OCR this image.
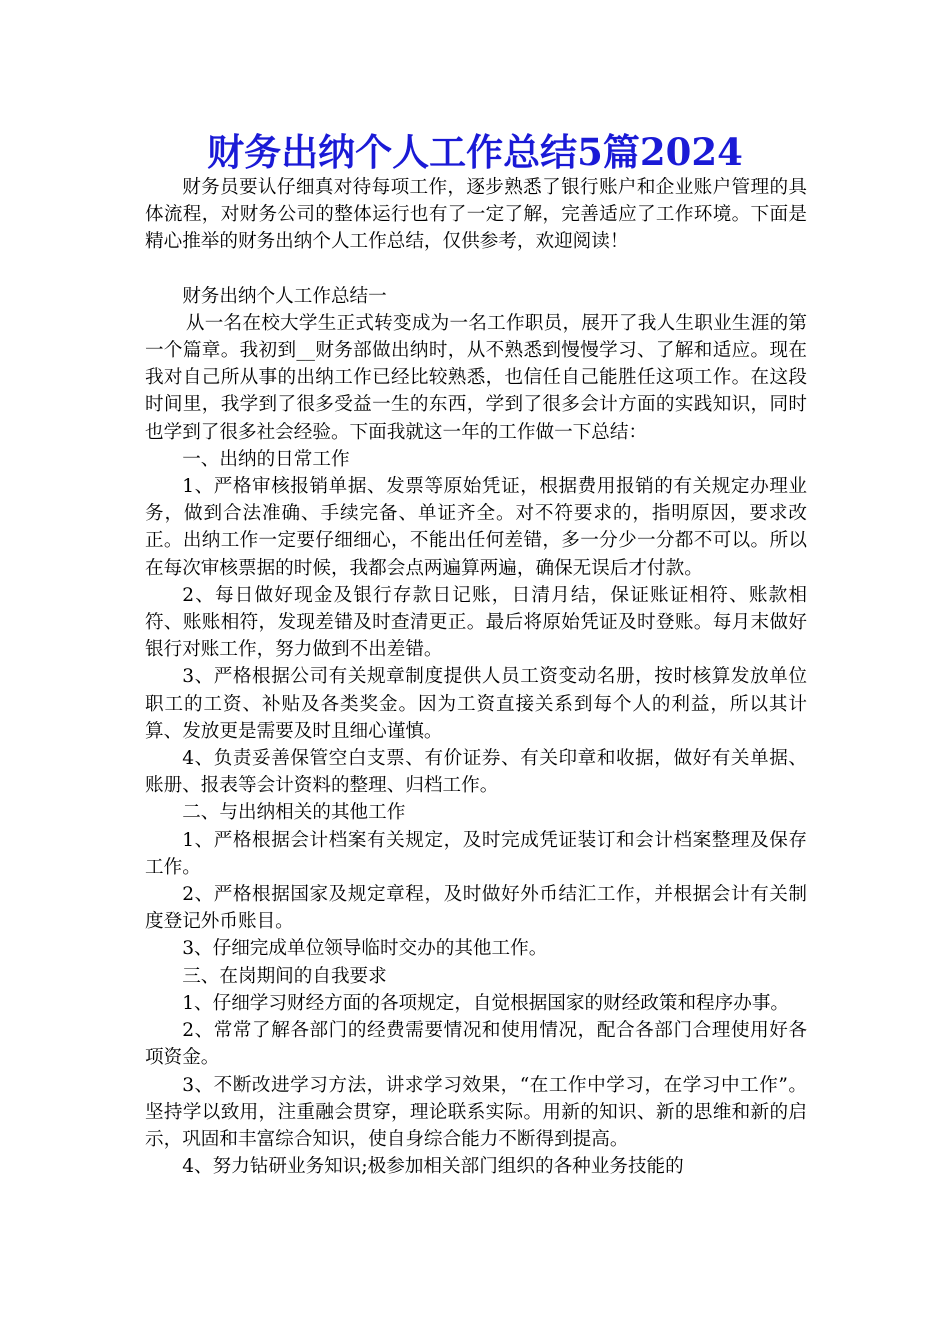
财务出纳个人工作总结5篇2024

财务员要认仔细真对待每项工作，逐步熟悉了银行账户和企业账户管理的具体流程，对财务公司的整体运行也有了一定了解，完善适应了工作环境。下面是精心推举的财务出纳个人工作总结，仅供参考，欢迎阅读！

财务出纳个人工作总结一

从一名在校大学生正式转变成为一名工作职员，展开了我人生职业生涯的第一个篇章。我初到__财务部做出纳时，从不熟悉到慢慢学习、了解和适应。现在我对自己所从事的出纳工作已经比较熟悉，也信任自己能胜任这项工作。在这段时间里，我学到了很多受益一生的东西，学到了很多会计方面的实践知识，同时也学到了很多社会经验。下面我就这一年的工作做一下总结：

一、出纳的日常工作

1、严格审核报销单据、发票等原始凭证，根据费用报销的有关规定办理业务，做到合法准确、手续完备、单证齐全。对不符要求的，指明原因，要求改正。出纳工作一定要仔细细心，不能出任何差错，多一分少一分都不可以。所以在每次审核票据的时候，我都会点两遍算两遍，确保无误后才付款。

2、每日做好现金及银行存款日记账，日清月结，保证账证相符、账款相符、账账相符，发现差错及时查清更正。最后将原始凭证及时登账。每月末做好银行对账工作，努力做到不出差错。

3、严格根据公司有关规章制度提供人员工资变动名册，按时核算发放单位职工的工资、补贴及各类奖金。因为工资直接关系到每个人的利益，所以其计算、发放更是需要及时且细心谨慎。

4、负责妥善保管空白支票、有价证券、有关印章和收据，做好有关单据、账册、报表等会计资料的整理、归档工作。

二、与出纳相关的其他工作

1、严格根据会计档案有关规定，及时完成凭证装订和会计档案整理及保存工作。

2、严格根据国家及规定章程，及时做好外币结汇工作，并根据会计有关制度登记外币账目。

3、仔细完成单位领导临时交办的其他工作。

三、在岗期间的自我要求

1、仔细学习财经方面的各项规定，自觉根据国家的财经政策和程序办事。

2、常常了解各部门的经费需要情况和使用情况，配合各部门合理使用好各项资金。

3、不断改进学习方法，讲求学习效果，“在工作中学习，在学习中工作”。坚持学以致用，注重融会贯穿，理论联系实际。用新的知识、新的思维和新的启示，巩固和丰富综合知识，使自身综合能力不断得到提高。

4、努力钻研业务知识;极参加相关部门组织的各种业务技能的
